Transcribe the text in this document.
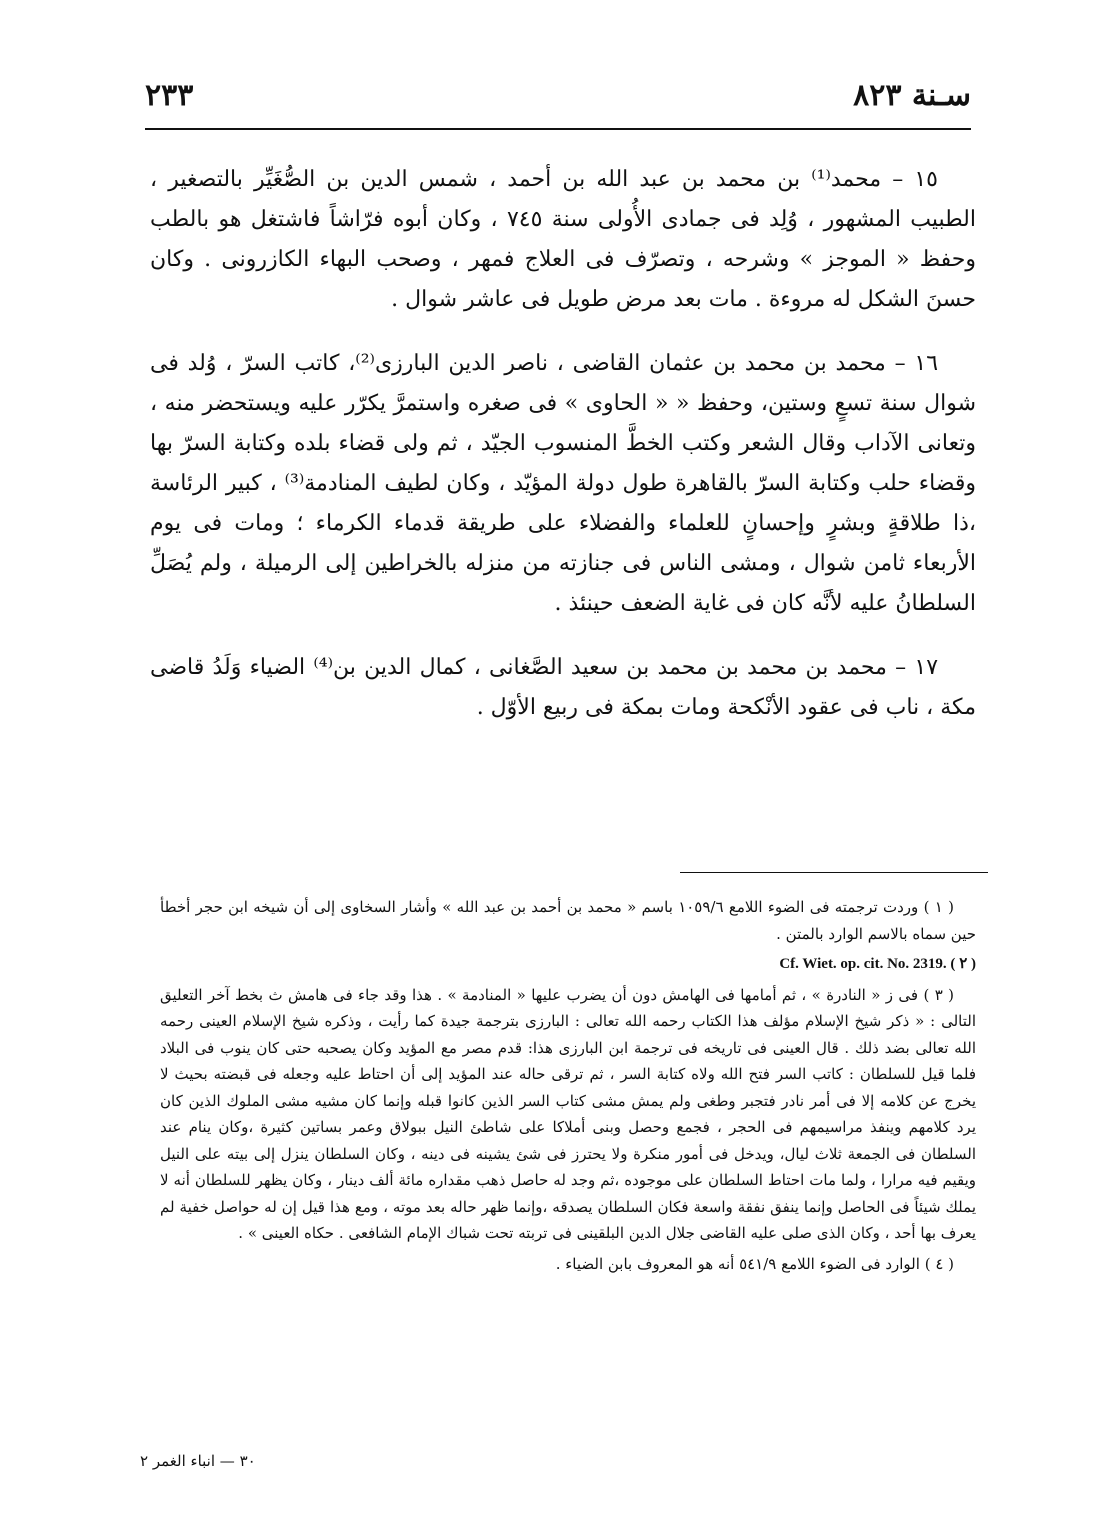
سـنة ٨٢٣
٢٣٣

١٥ – محمد⁽¹⁾ بن محمد بن عبد الله بن أحمد ، شمس الدين بن الصُّغَيِّر بالتصغير ، الطبيب المشهور ، وُلِد فى جمادى الأُولى سنة ٧٤٥ ، وكان أبوه فرّاشاً فاشتغل هو بالطب وحفظ « الموجز » وشرحه ، وتصرّف فى العلاج فمهر ، وصحب البهاء الكازرونى . وكان حسنَ الشكل له مروءة . مات بعد مرض طويل فى عاشر شوال .

١٦ – محمد بن محمد بن عثمان القاضى ، ناصر الدين البارزى⁽²⁾، كاتب السرّ ، وُلد فى شوال سنة تسعٍ وستين، وحفظ « « الحاوى » فى صغره واستمرَّ يكرّر عليه ويستحضر منه ، وتعانى الآداب وقال الشعر وكتب الخطَّ المنسوب الجيّد ، ثم ولى قضاء بلده وكتابة السرّ بها وقضاء حلب وكتابة السرّ بالقاهرة طول دولة المؤيّد ، وكان لطيف المنادمة⁽³⁾ ، كبير الرئاسة ،ذا طلاقةٍ وبشرٍ وإحسانٍ للعلماء والفضلاء على طريقة قدماء الكرماء ؛ ومات فى يوم الأربعاء ثامن شوال ، ومشى الناس فى جنازته من منزله بالخراطين إلى الرميلة ، ولم يُصَلِّ السلطانُ عليه لأنَّه كان فى غاية الضعف حينئذ .

١٧ – محمد بن محمد بن محمد بن سعيد الصَّغانى ، كمال الدين بن⁽⁴⁾ الضياء وَلَدُ قاضى مكة ، ناب فى عقود الأنْكحة ومات بمكة فى ربيع الأوّل .

( ١ ) وردت ترجمته فى الضوء اللامع ١٠٥٩/٦ باسم « محمد بن أحمد بن عبد الله » وأشار السخاوى إلى أن شيخه ابن حجر أخطأ حين سماه بالاسم الوارد بالمتن .

Cf. Wiet. op. cit. No. 2319. ( ٢ )

( ٣ ) فى ز « النادرة » ، ثم أمامها فى الهامش دون أن يضرب عليها « المنادمة » . هذا وقد جاء فى هامش ث بخط آخر التعليق التالى : « ذكر شيخ الإسلام مؤلف هذا الكتاب رحمه الله تعالى : البارزى بترجمة جيدة كما رأيت ، وذكره شيخ الإسلام العينى رحمه الله تعالى بضد ذلك . قال العينى فى تاريخه فى ترجمة ابن البارزى هذا: قدم مصر مع المؤيد وكان يصحبه حتى كان ينوب فى البلاد فلما قيل للسلطان : كاتب السر فتح الله ولاه كتابة السر ، ثم ترقى حاله عند المؤيد إلى أن احتاط عليه وجعله فى قبضته بحيث لا يخرج عن كلامه إلا فى أمر نادر فتجبر وطغى ولم يمش مشى كتاب السر الذين كانوا قبله وإنما كان مشيه مشى الملوك الذين كان يرد كلامهم وينفذ مراسيمهم فى الحجر ، فجمع وحصل وبنى أملاكا على شاطئ النيل ببولاق وعمر بساتين كثيرة ،وكان ينام عند السلطان فى الجمعة ثلاث ليال، ويدخل فى أمور منكرة ولا يحترز فى شئ يشينه فى دينه ، وكان السلطان ينزل إلى بيته على النيل ويقيم فيه مرارا ، ولما مات احتاط السلطان على موجوده ،ثم وجد له حاصل ذهب مقداره مائة ألف دينار ، وكان يظهر للسلطان أنه لا يملك شيئاً فى الحاصل وإنما ينفق نفقة واسعة فكان السلطان يصدقه ،وإنما ظهر حاله بعد موته ، ومع هذا قيل إن له حواصل خفية لم يعرف بها أحد ، وكان الذى صلى عليه القاضى جلال الدين البلقينى فى تربته تحت شباك الإمام الشافعى . حكاه العينى » .

( ٤ ) الوارد فى الضوء اللامع ٥٤١/٩ أنه هو المعروف بابن الضياء .

٣٠ — انباء الغمر ٢
